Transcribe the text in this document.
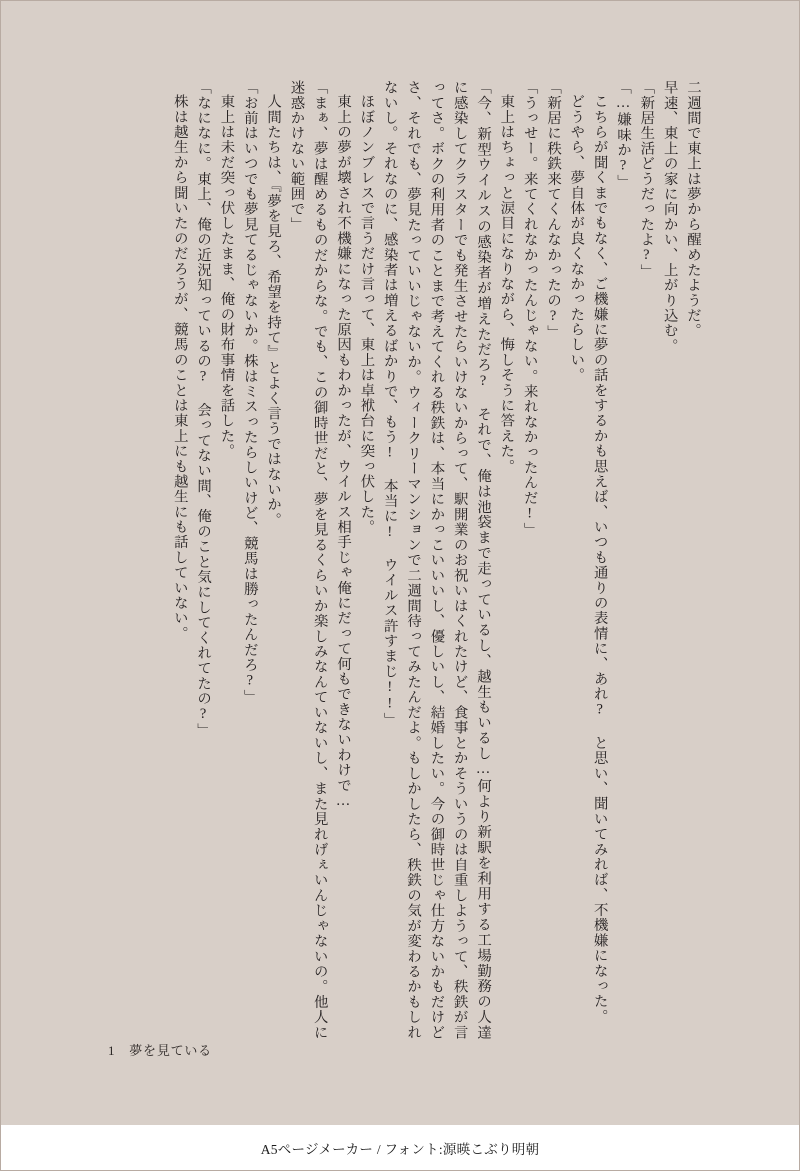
二週間で東上は夢から醒めたようだ。

早速、東上の家に向かい、上がり込む。

「新居生活どうだったよ?」

「…嫌味か?」

こちらが聞くまでもなく、ご機嫌に夢の話をするかも思えば、いつも通りの表情に、あれ? と思い、聞いてみれば、不機嫌になった。

どうやら、夢自体が良くなかったらしい。

「新居に秩鉄来てくんなかったの?」

「うっせー。来てくれなかったんじゃない。来れなかったんだ!」

東上はちょっと涙目になりながら、悔しそうに答えた。

「今、新型ウイルスの感染者が増えただろ? それで、俺は池袋まで走っているし、越生もいるし…何より新駅を利用する工場勤務の人達に感染してクラスターでも発生させたらいけないからって、駅開業のお祝いはくれたけど、食事とかそういうのは自重しようって、秩鉄が言ってさ。ボクの利用者のことまで考えてくれる秩鉄は、本当にかっこいいいし、優しいし、結婚したい。今の御時世じゃ仕方ないかもだけどさ、それでも、夢見たっていいじゃないか。ウィークリーマンションで二週間待ってみたんだよ。もしかしたら、秩鉄の気が変わるかもしれないし。それなのに、感染者は増えるばかりで、もう! 本当に! ウイルス許すまじ!!」

ほぼノンブレスで言うだけ言って、東上は卓袱台に突っ伏した。

東上の夢が壊され不機嫌になった原因もわかったが、ウイルス相手じゃ俺にだって何もできないわけで…

「まぁ、夢は醒めるものだからな。でも、この御時世だと、夢を見るくらいか楽しみなんていないし、また見れげぇいんじゃないの。他人に迷惑かけない範囲で」

人間たちは、『夢を見ろ、希望を持て』とよく言うではないか。

「お前はいつでも夢見てるじゃないか。株はミスったらしいけど、競馬は勝ったんだろ?」

東上は未だ突っ伏したまま、俺の財布事情を話した。

「なになに。東上、俺の近況知っているの? 会ってない間、俺のこと気にしてくれてたの?」

株は越生から聞いたのだろうが、競馬のことは東上にも越生にも話していない。

1 夢を見ている
A5ページメーカー / フォント:源暎こぶり明朝
